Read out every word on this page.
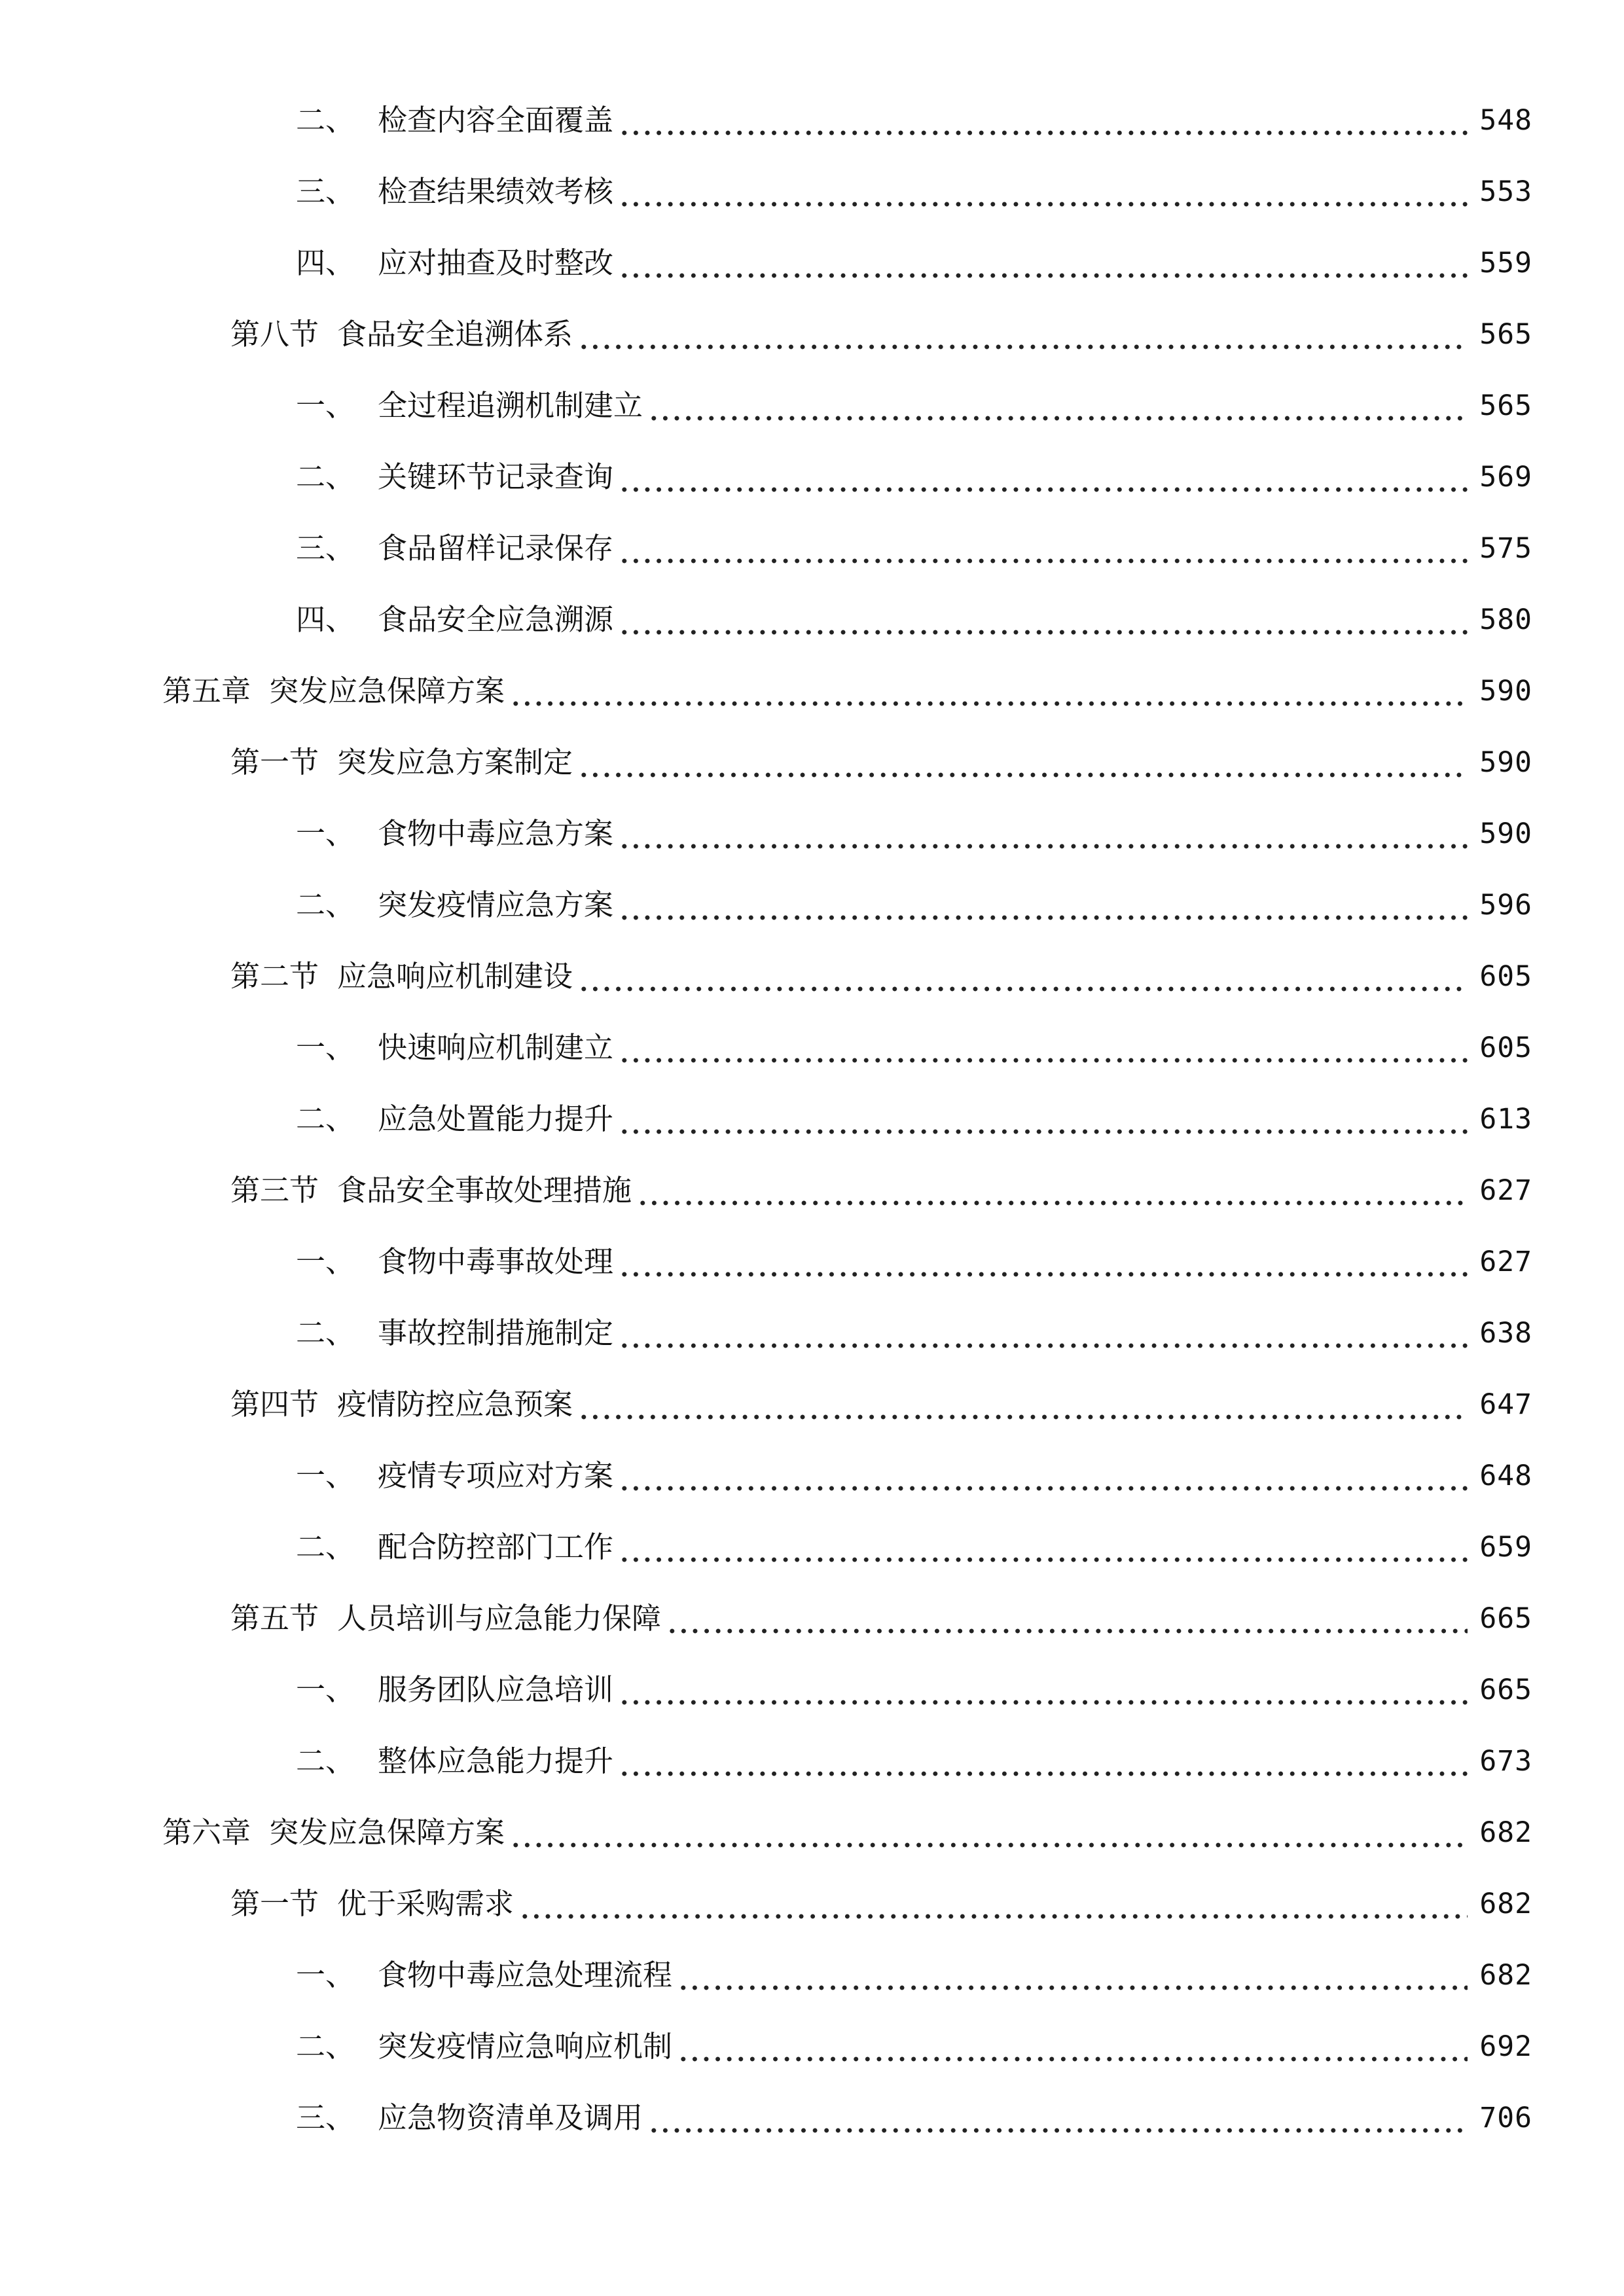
二、 检查内容全面覆盖	548
三、 检查结果绩效考核	553
四、 应对抽查及时整改	559
第八节 食品安全追溯体系	565
一、 全过程追溯机制建立	565
二、 关键环节记录查询	569
三、 食品留样记录保存	575
四、 食品安全应急溯源	580
第五章 突发应急保障方案	590
第一节 突发应急方案制定	590
一、 食物中毒应急方案	590
二、 突发疫情应急方案	596
第二节 应急响应机制建设	605
一、 快速响应机制建立	605
二、 应急处置能力提升	613
第三节 食品安全事故处理措施	627
一、 食物中毒事故处理	627
二、 事故控制措施制定	638
第四节 疫情防控应急预案	647
一、 疫情专项应对方案	648
二、 配合防控部门工作	659
第五节 人员培训与应急能力保障	665
一、 服务团队应急培训	665
二、 整体应急能力提升	673
第六章 突发应急保障方案	682
第一节 优于采购需求	682
一、 食物中毒应急处理流程	682
二、 突发疫情应急响应机制	692
三、 应急物资清单及调用	706
